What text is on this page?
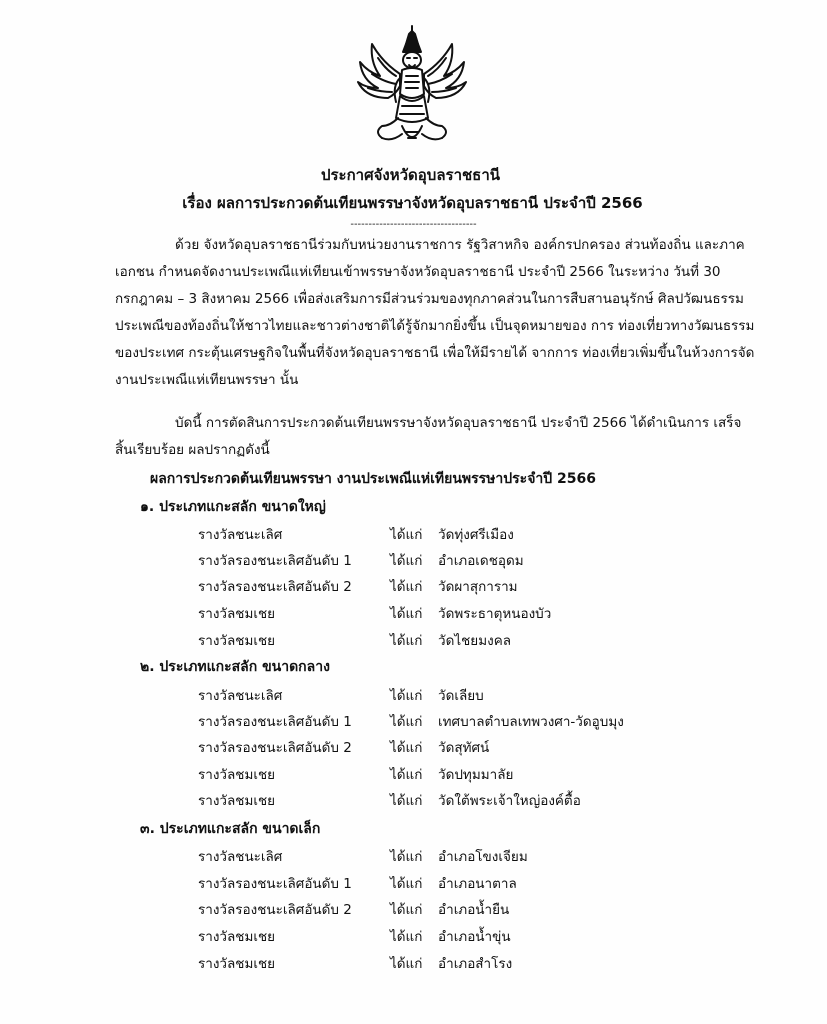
ประกาศจังหวัดอุบลราชธานี
เรื่อง ผลการประกวดต้นเทียนพรรษาจังหวัดอุบลราชธานี ประจำปี 2566
-----------------------------------
ด้วย จังหวัดอุบลราชธานีร่วมกับหน่วยงานราชการ รัฐวิสาหกิจ องค์กรปกครอง ส่วนท้องถิ่น และภาคเอกชน กำหนดจัดงานประเพณีแห่เทียนเข้าพรรษาจังหวัดอุบลราชธานี ประจำปี 2566 ในระหว่าง วันที่ 30 กรกฎาคม – 3 สิงหาคม 2566 เพื่อส่งเสริมการมีส่วนร่วมของทุกภาคส่วนในการสืบสานอนุรักษ์ ศิลปวัฒนธรรม ประเพณีของท้องถิ่นให้ชาวไทยและชาวต่างชาติได้รู้จักมากยิ่งขึ้น เป็นจุดหมายของ การ ท่องเที่ยวทางวัฒนธรรมของประเทศ กระตุ้นเศรษฐกิจในพื้นที่จังหวัดอุบลราชธานี เพื่อให้มีรายได้ จากการ ท่องเที่ยวเพิ่มขึ้นในห้วงการจัดงานประเพณีแห่เทียนพรรษา นั้น
บัดนี้ การตัดสินการประกวดต้นเทียนพรรษาจังหวัดอุบลราชธานี ประจำปี 2566 ได้ดำเนินการ เสร็จสิ้นเรียบร้อย ผลปรากฏดังนี้
ผลการประกวดต้นเทียนพรรษา งานประเพณีแห่เทียนพรรษาประจำปี 2566
๑. ประเภทแกะสลัก ขนาดใหญ่
รางวัลชนะเลิศ	ได้แก่ วัดทุ่งศรีเมือง
รางวัลรองชนะเลิศอันดับ 1	ได้แก่ อำเภอเดชอุดม
รางวัลรองชนะเลิศอันดับ 2	ได้แก่ วัดผาสุการาม
รางวัลชมเชย	ได้แก่ วัดพระธาตุหนองบัว
รางวัลชมเชย	ได้แก่ วัดไชยมงคล
๒. ประเภทแกะสลัก ขนาดกลาง
รางวัลชนะเลิศ	ได้แก่ วัดเลียบ
รางวัลรองชนะเลิศอันดับ 1	ได้แก่ เทศบาลตำบลเทพวงศา-วัดอูบมุง
รางวัลรองชนะเลิศอันดับ 2	ได้แก่ วัดสุทัศน์
รางวัลชมเชย	ได้แก่ วัดปทุมมาลัย
รางวัลชมเชย	ได้แก่ วัดใต้พระเจ้าใหญ่องค์ตื้อ
๓. ประเภทแกะสลัก ขนาดเล็ก
รางวัลชนะเลิศ	ได้แก่ อำเภอโขงเจียม
รางวัลรองชนะเลิศอันดับ 1	ได้แก่ อำเภอนาตาล
รางวัลรองชนะเลิศอันดับ 2	ได้แก่ อำเภอน้ำยืน
รางวัลชมเชย	ได้แก่ อำเภอน้ำขุ่น
รางวัลชมเชย	ได้แก่ อำเภอสำโรง
